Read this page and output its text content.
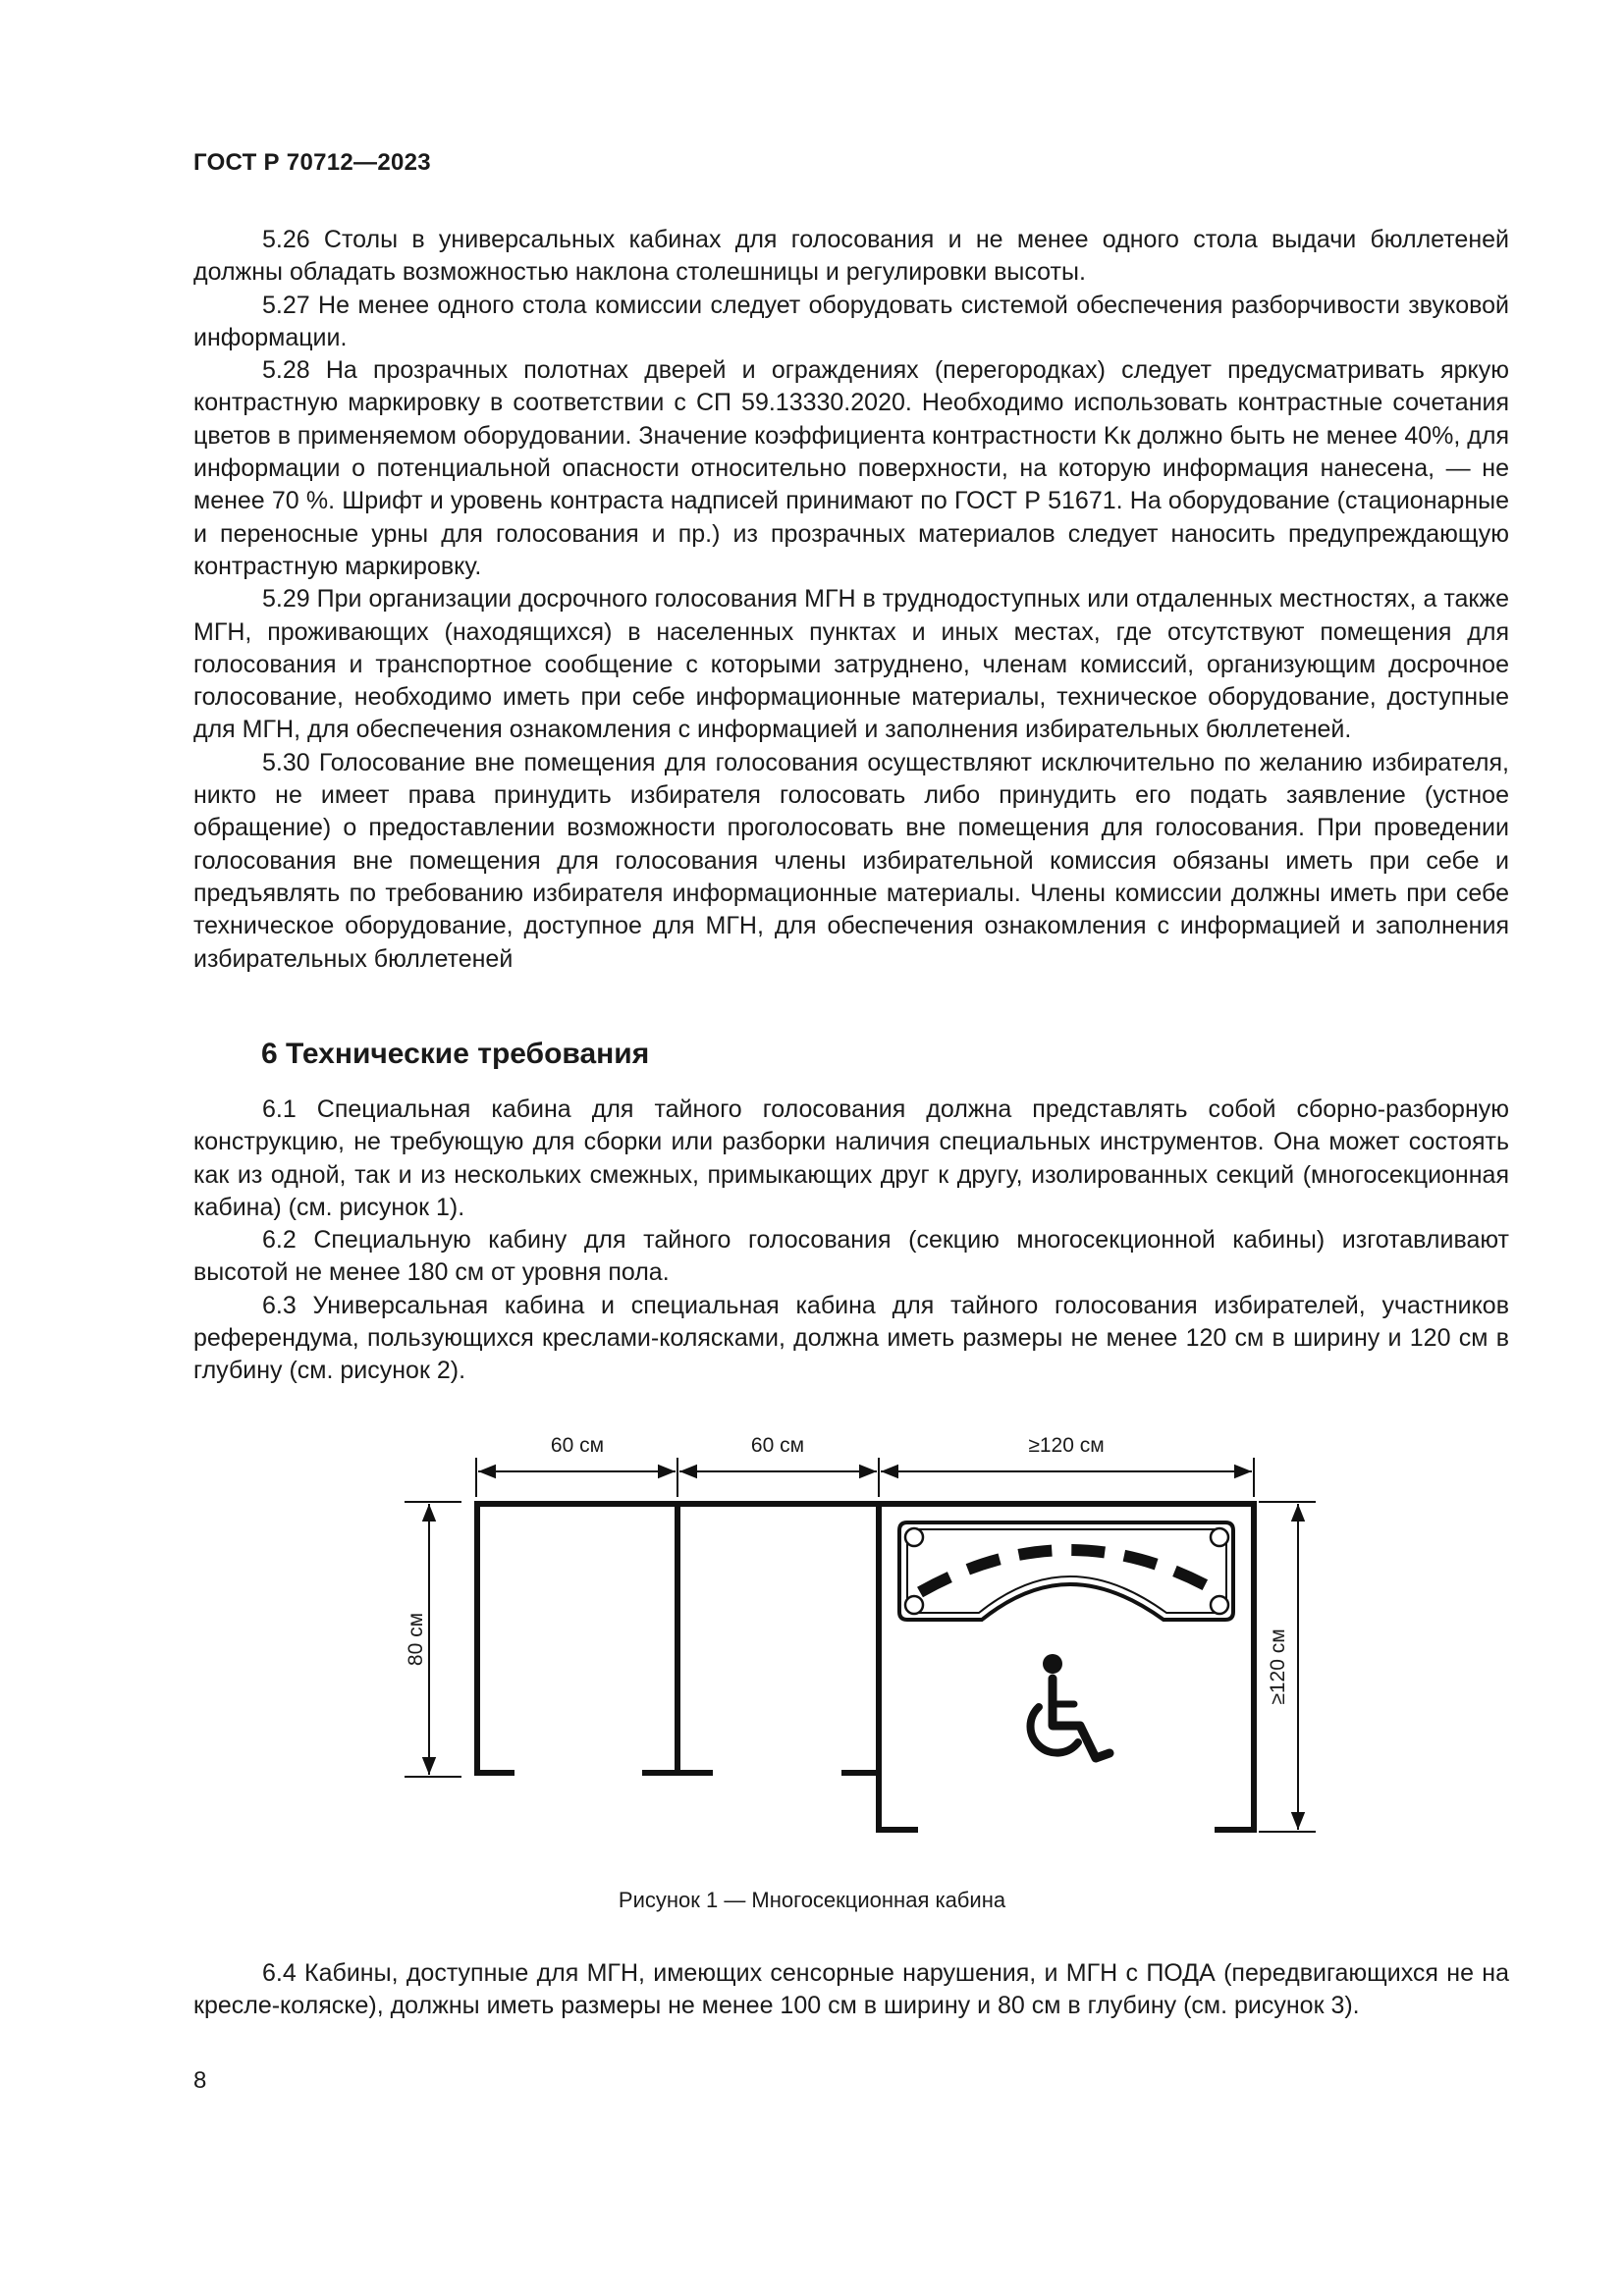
ГОСТ Р 70712—2023

5.26 Столы в универсальных кабинах для голосования и не менее одного стола выдачи бюллетеней должны обладать возможностью наклона столешницы и регулировки высоты.

5.27 Не менее одного стола комиссии следует оборудовать системой обеспечения разборчивости звуковой информации.

5.28 На прозрачных полотнах дверей и ограждениях (перегородках) следует предусматривать яркую контрастную маркировку в соответствии с СП 59.13330.2020. Необходимо использовать контрастные сочетания цветов в применяемом оборудовании. Значение коэффициента контрастности Kк должно быть не менее 40%, для информации о потенциальной опасности относительно поверхности, на которую информация нанесена, — не менее 70 %. Шрифт и уровень контраста надписей принимают по ГОСТ Р 51671. На оборудование (стационарные и переносные урны для голосования и пр.) из прозрачных материалов следует наносить предупреждающую контрастную маркировку.

5.29 При организации досрочного голосования МГН в труднодоступных или отдаленных местностях, а также МГН, проживающих (находящихся) в населенных пунктах и иных местах, где отсутствуют помещения для голосования и транспортное сообщение с которыми затруднено, членам комиссий, организующим досрочное голосование, необходимо иметь при себе информационные материалы, техническое оборудование, доступные для МГН, для обеспечения ознакомления с информацией и заполнения избирательных бюллетеней.

5.30 Голосование вне помещения для голосования осуществляют исключительно по желанию избирателя, никто не имеет права принудить избирателя голосовать либо принудить его подать заявление (устное обращение) о предоставлении возможности проголосовать вне помещения для голосования. При проведении голосования вне помещения для голосования члены избирательной комиссия обязаны иметь при себе и предъявлять по требованию избирателя информационные материалы. Члены комиссии должны иметь при себе техническое оборудование, доступное для МГН, для обеспечения ознакомления с информацией и заполнения избирательных бюллетеней

6 Технические требования

6.1 Специальная кабина для тайного голосования должна представлять собой сборно-разборную конструкцию, не требующую для сборки или разборки наличия специальных инструментов. Она может состоять как из одной, так и из нескольких смежных, примыкающих друг к другу, изолированных секций (многосекционная кабина) (см. рисунок 1).

6.2 Специальную кабину для тайного голосования (секцию многосекционной кабины) изготавливают высотой не менее 180 см от уровня пола.

6.3 Универсальная кабина и специальная кабина для тайного голосования избирателей, участников референдума, пользующихся креслами-колясками, должна иметь размеры не менее 120 см в ширину и 120 см в глубину (см. рисунок 2).

60 см	60 см	≥120 см
80 см	≥120 см
Рисунок 1 — Многосекционная кабина

6.4 Кабины, доступные для МГН, имеющих сенсорные нарушения, и МГН с ПОДА (передвигающихся не на кресле-коляске), должны иметь размеры не менее 100 см в ширину и 80 см в глубину (см. рисунок 3).

8
